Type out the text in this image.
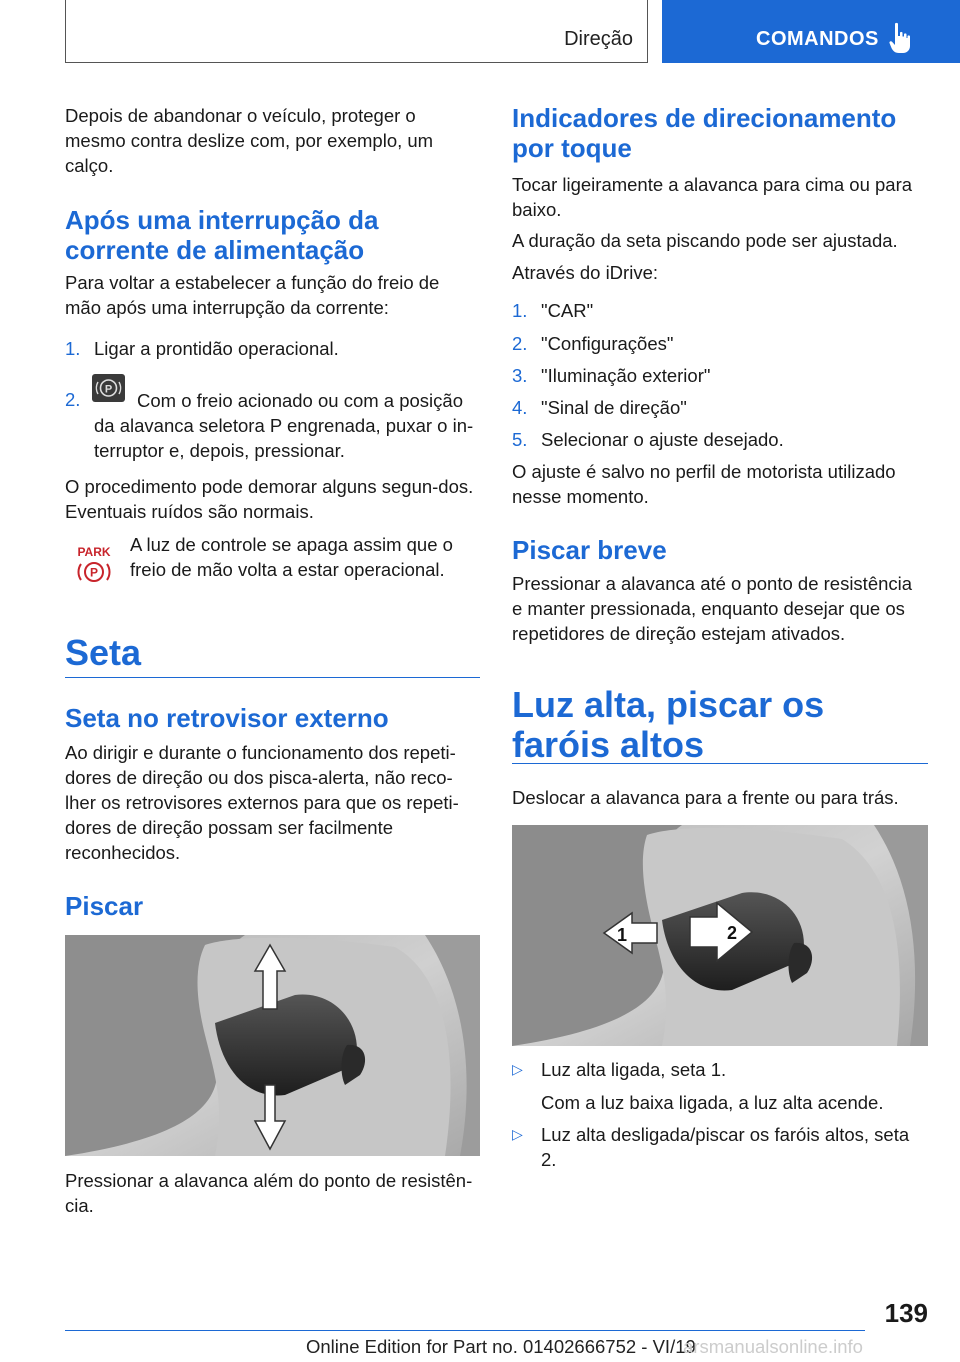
Direção	COMANDOS

Depois de abandonar o veículo, proteger o mesmo contra deslize com, por exemplo, um calço.

Após uma interrupção da corrente de alimentação

Para voltar a estabelecer a função do freio de mão após uma interrupção da corrente:

1. Ligar a prontidão operacional.
2. P
Com o freio acionado ou com a posição da alavanca seletora P engrenada, puxar o in-terruptor e, depois, pressionar.

O procedimento pode demorar alguns segun-dos. Eventuais ruídos são normais.

PARK
P

A luz de controle se apaga assim que o freio de mão volta a estar operacional.

Seta
Seta no retrovisor externo

Ao dirigir e durante o funcionamento dos repeti-dores de direção ou dos pisca-alerta, não reco-lher os retrovisores externos para que os repeti-dores de direção possam ser facilmente reconhecidos.

Piscar

Pressionar a alavanca além do ponto de resistên-cia.

Indicadores de direcionamento por toque

Tocar ligeiramente a alavanca para cima ou para baixo.

A duração da seta piscando pode ser ajustada.

Através do iDrive:

1. "CAR"
2. "Configurações"
3. "Iluminação exterior"
4. "Sinal de direção"
5. Selecionar o ajuste desejado.

O ajuste é salvo no perfil de motorista utilizado nesse momento.

Piscar breve

Pressionar a alavanca até o ponto de resistência e manter pressionada, enquanto desejar que os repetidores de direção estejam ativados.

Luz alta, piscar os faróis altos

Deslocar a alavanca para a frente ou para trás.

1	2
▷ Luz alta ligada, seta 1.
Com a luz baixa ligada, a luz alta acende.
▷ Luz alta desligada/piscar os faróis altos, seta 2.
139
Online Edition for Part no. 01402666752 - VI/19
arsmanualsonline.info
